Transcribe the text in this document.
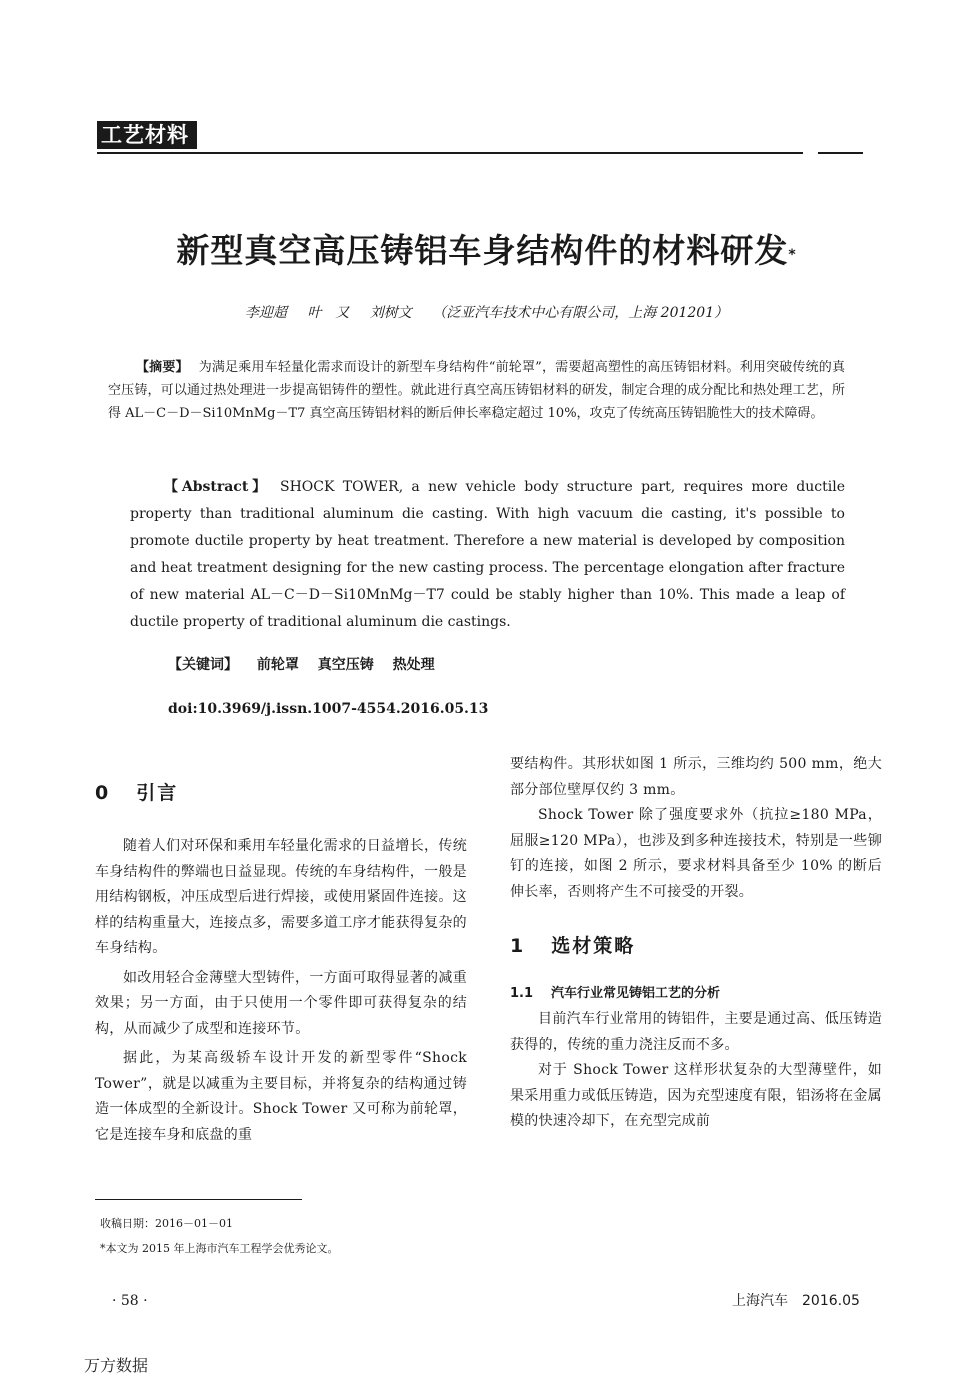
工艺材料
新型真空高压铸铝车身结构件的材料研发*
李迎超 叶　又 刘树文 （泛亚汽车技术中心有限公司，上海 201201）
【摘要】 为满足乘用车轻量化需求而设计的新型车身结构件“前轮罩”，需要超高塑性的高压铸铝材料。利用突破传统的真空压铸，可以通过热处理进一步提高铝铸件的塑性。就此进行真空高压铸铝材料的研发，制定合理的成分配比和热处理工艺，所得 AL－C－D－Si10MnMg－T7 真空高压铸铝材料的断后伸长率稳定超过 10%，攻克了传统高压铸铝脆性大的技术障碍。
【Abstract】 SHOCK TOWER, a new vehicle body structure part, requires more ductile property than traditional aluminum die casting. With high vacuum die casting, it's possible to promote ductile property by heat treatment. Therefore a new material is developed by composition and heat treatment designing for the new casting process. The percentage elongation after fracture of new material AL－C－D－Si10MnMg－T7 could be stably higher than 10%. This made a leap of ductile property of traditional aluminum die castings.
【关键词】 前轮罩 真空压铸 热处理
doi:10.3969/j.issn.1007-4554.2016.05.13
0 引言

随着人们对环保和乘用车轻量化需求的日益增长，传统车身结构件的弊端也日益显现。传统的车身结构件，一般是用结构钢板，冲压成型后进行焊接，或使用紧固件连接。这样的结构重量大，连接点多，需要多道工序才能获得复杂的车身结构。

如改用轻合金薄壁大型铸件，一方面可取得显著的减重效果；另一方面，由于只使用一个零件即可获得复杂的结构，从而减少了成型和连接环节。

据此，为某高级轿车设计开发的新型零件“Shock Tower”，就是以减重为主要目标，并将复杂的结构通过铸造一体成型的全新设计。Shock Tower 又可称为前轮罩，它是连接车身和底盘的重

要结构件。其形状如图 1 所示，三维均约 500 mm，绝大部分部位壁厚仅约 3 mm。

Shock Tower 除了强度要求外（抗拉≥180 MPa，屈服≥120 MPa），也涉及到多种连接技术，特别是一些铆钉的连接，如图 2 所示，要求材料具备至少 10% 的断后伸长率，否则将产生不可接受的开裂。

1 选材策略
1.1 汽车行业常见铸铝工艺的分析

目前汽车行业常用的铸铝件，主要是通过高、低压铸造获得的，传统的重力浇注反而不多。

对于 Shock Tower 这样形状复杂的大型薄壁件，如果采用重力或低压铸造，因为充型速度有限，铝汤将在金属模的快速冷却下，在充型完成前

收稿日期：2016－01－01
*本文为 2015 年上海市汽车工程学会优秀论文。
· 58 ·	上海汽车　2016.05
万方数据
